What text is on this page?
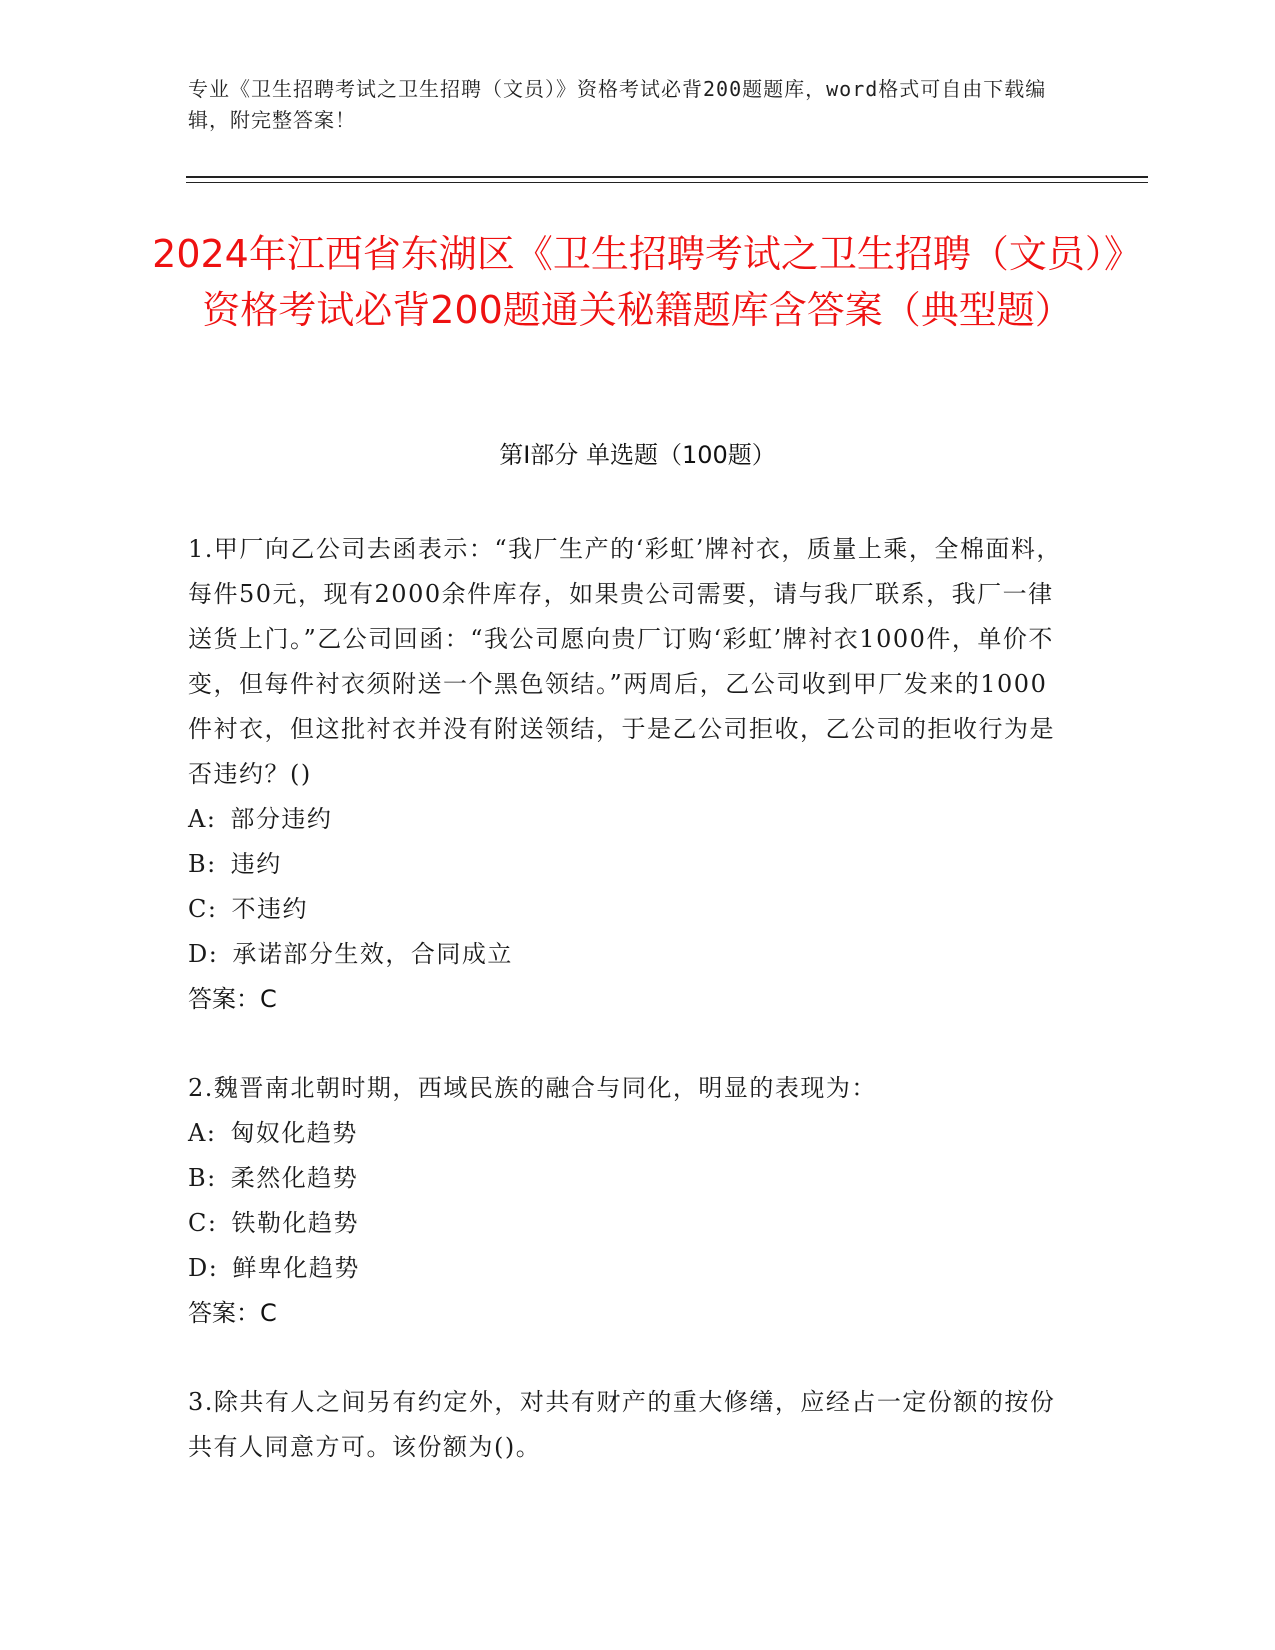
专业《卫生招聘考试之卫生招聘（文员）》资格考试必背200题题库，word格式可自由下载编辑，附完整答案！
2024年江西省东湖区《卫生招聘考试之卫生招聘（文员）》资格考试必背200题通关秘籍题库含答案（典型题）
第I部分 单选题（100题）

1.甲厂向乙公司去函表示：“我厂生产的‘彩虹’牌衬衣，质量上乘，全棉面料，每件50元，现有2000余件库存，如果贵公司需要，请与我厂联系，我厂一律送货上门。”乙公司回函：“我公司愿向贵厂订购‘彩虹’牌衬衣1000件，单价不变，但每件衬衣须附送一个黑色领结。”两周后，乙公司收到甲厂发来的1000件衬衣，但这批衬衣并没有附送领结，于是乙公司拒收，乙公司的拒收行为是否违约？()

A: 部分违约

B: 违约

C: 不违约

D: 承诺部分生效，合同成立

答案：C

2.魏晋南北朝时期，西域民族的融合与同化，明显的表现为：

A: 匈奴化趋势

B: 柔然化趋势

C: 铁勒化趋势

D: 鲜卑化趋势

答案：C

3.除共有人之间另有约定外，对共有财产的重大修缮，应经占一定份额的按份共有人同意方可。该份额为()。
